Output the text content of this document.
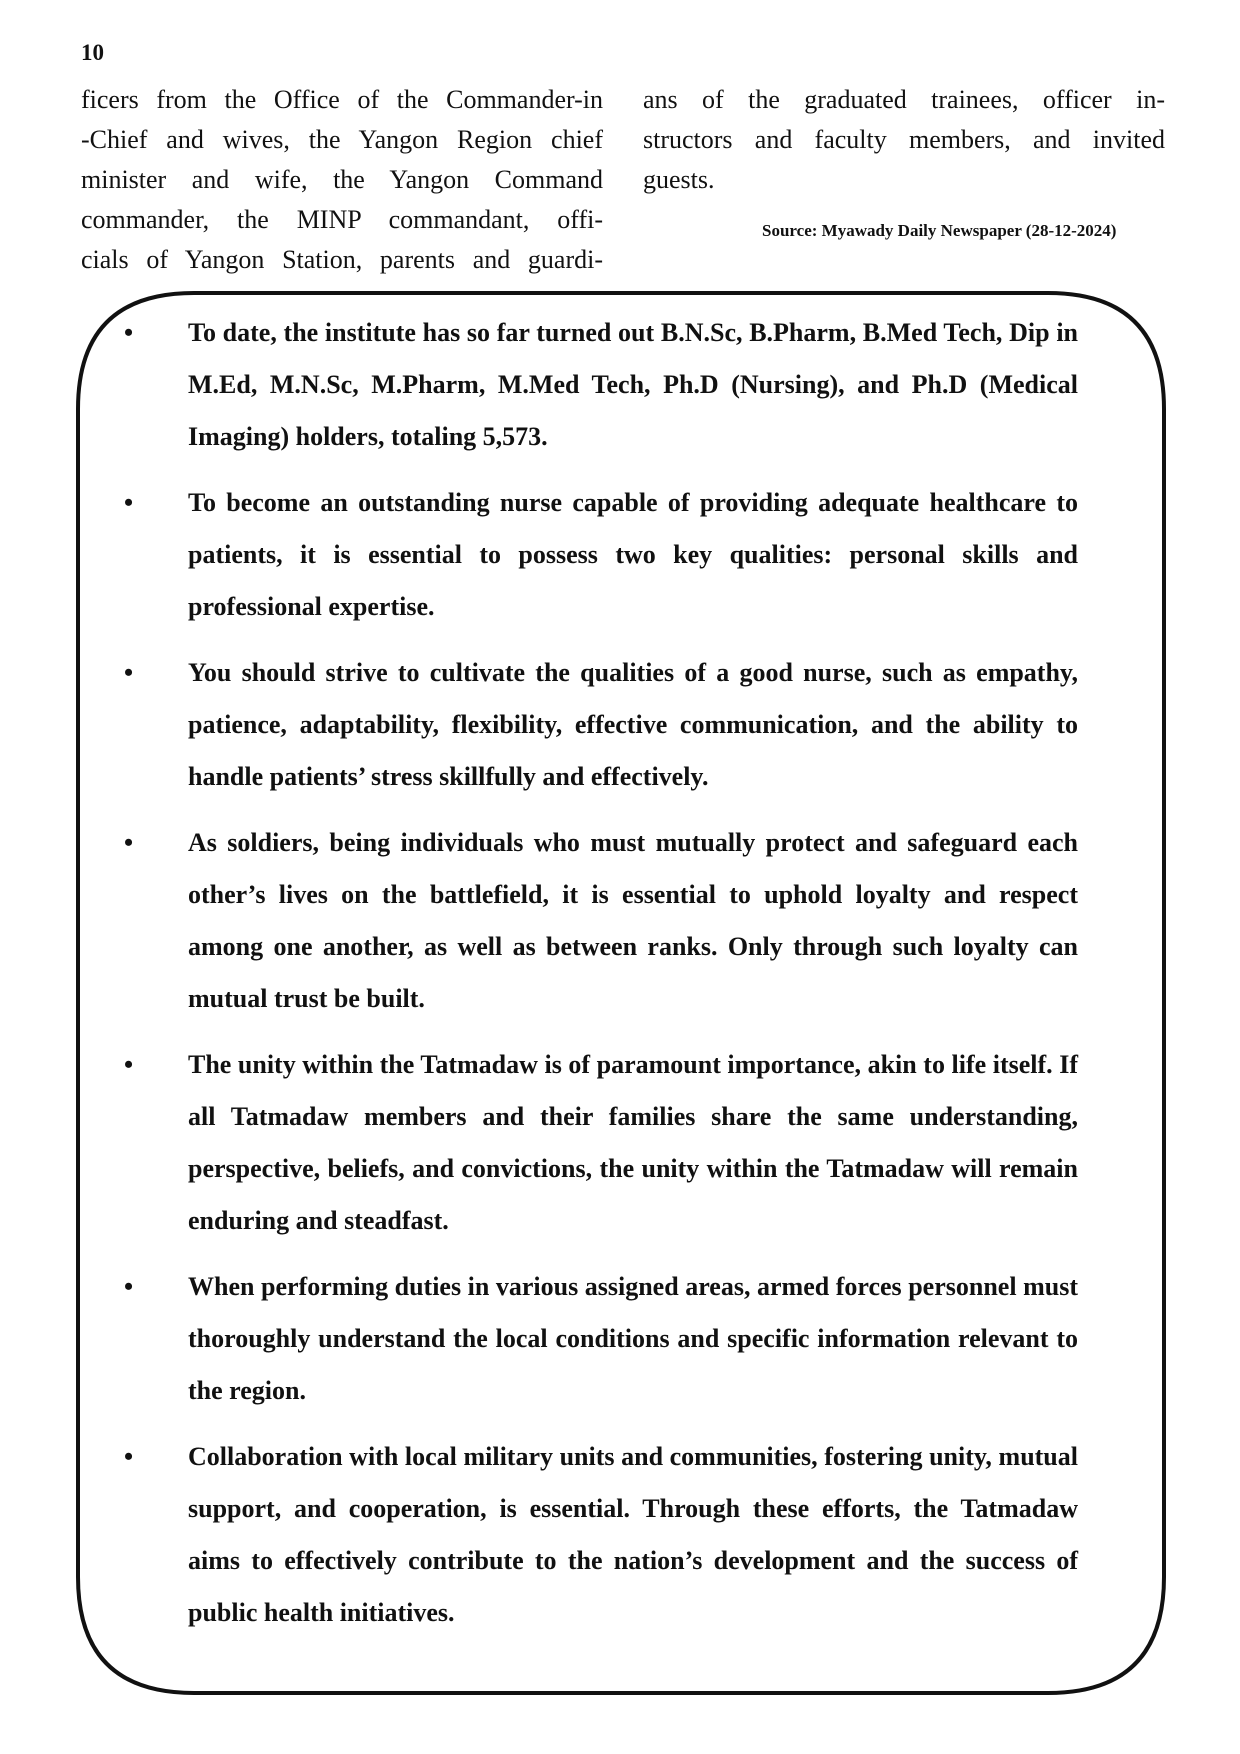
10
ficers from the Office of the Commander-in
-Chief and wives, the Yangon Region chief
minister and wife, the Yangon Command
commander, the MINP commandant, offi-
cials of Yangon Station, parents and guardi-
ans of the graduated trainees, officer in-
structors and faculty members, and invited
guests.
Source: Myawady Daily Newspaper (28-12-2024)
• To date, the institute has so far turned out B.N.Sc, B.Pharm, B.Med Tech, Dip in M.Ed, M.N.Sc, M.Pharm, M.Med Tech, Ph.D (Nursing), and Ph.D (Medical Imaging) holders, totaling 5,573.
• To become an outstanding nurse capable of providing adequate healthcare to patients, it is essential to possess two key qualities: personal skills and professional expertise.
• You should strive to cultivate the qualities of a good nurse, such as empathy, patience, adaptability, flexibility, effective communication, and the ability to handle patients’ stress skillfully and effectively.
• As soldiers, being individuals who must mutually protect and safeguard each other’s lives on the battlefield, it is essential to uphold loyalty and respect among one another, as well as between ranks. Only through such loyalty can mutual trust be built.
• The unity within the Tatmadaw is of paramount importance, akin to life itself. If all Tatmadaw members and their families share the same understanding, perspective, beliefs, and convictions, the unity within the Tatmadaw will remain enduring and steadfast.
• When performing duties in various assigned areas, armed forces personnel must thoroughly understand the local conditions and specific information relevant to the region.
• Collaboration with local military units and communities, fostering unity, mutual support, and cooperation, is essential. Through these efforts, the Tatmadaw aims to effectively contribute to the nation’s development and the success of public health initiatives.
